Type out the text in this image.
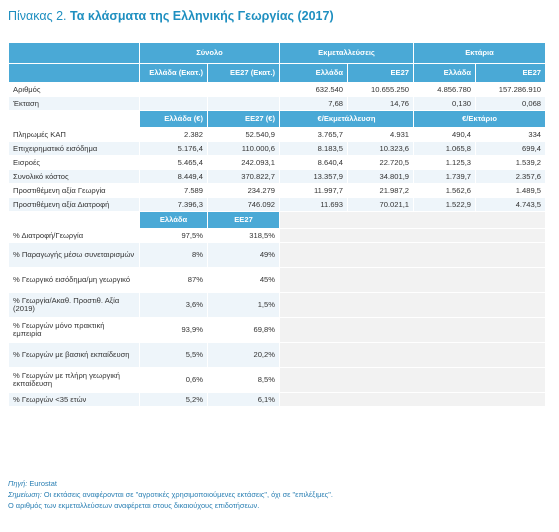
Πίνακας 2. Τα κλάσματα της Ελληνικής Γεωργίας (2017)
	Σύνολο		Εκμεταλλεύσεις		Εκτάρια	
	Ελλάδα (Εκατ.)	ΕΕ27 (Εκατ.)	Ελλάδα	ΕΕ27	Ελλάδα	ΕΕ27
Αριθμός			632.540	10.655.250	4.856.780	157.286.910
Έκταση			7,68	14,76	0,130	0,068
	Ελλάδα (€)	ΕΕ27 (€)	€/Εκμετάλλευση		€/Εκτάριο	
Πληρωμές ΚΑΠ	2.382	52.540,9	3.765,7	4.931	490,4	334
Επιχειρηματικό εισόδημα	5.176,4	110.000,6	8.183,5	10.323,6	1.065,8	699,4
Εισροές	5.465,4	242.093,1	8.640,4	22.720,5	1.125,3	1.539,2
Συνολικό κόστος	8.449,4	370.822,7	13.357,9	34.801,9	1.739,7	2.357,6
Προστιθέμενη αξία Γεωργία	7.589	234.279	11.997,7	21.987,2	1.562,6	1.489,5
Προστιθέμενη αξία Διατροφή	7.396,3	746.092	11.693	70.021,1	1.522,9	4.743,5
	Ελλάδα	ΕΕ27				
% Διατροφή/Γεωργία	97,5%	318,5%				
% Παραγωγής μέσω συνεταιρισμών	8%	49%				
% Γεωργικό εισόδημα/μη γεωργικό	87%	45%				
% Γεωργία/Ακαθ. Προστιθ. Αξία (2019)	3,6%	1,5%				
% Γεωργών μόνο πρακτική εμπειρία	93,9%	69,8%				
% Γεωργών με βασική εκπαίδευση	5,5%	20,2%				
% Γεωργών με πλήρη γεωργική εκπαίδευση	0,6%	8,5%				
% Γεωργών <35 ετών	5,2%	6,1%				
Πηγή: Eurostat
Σημείωση: Οι εκτάσεις αναφέρονται σε "αγροτικές χρησιμοποιούμενες εκτάσεις", όχι σε "επιλέξιμες".
Ο αριθμός των εκμεταλλεύσεων αναφέρεται στους δικαιούχους επιδοτήσεων.
